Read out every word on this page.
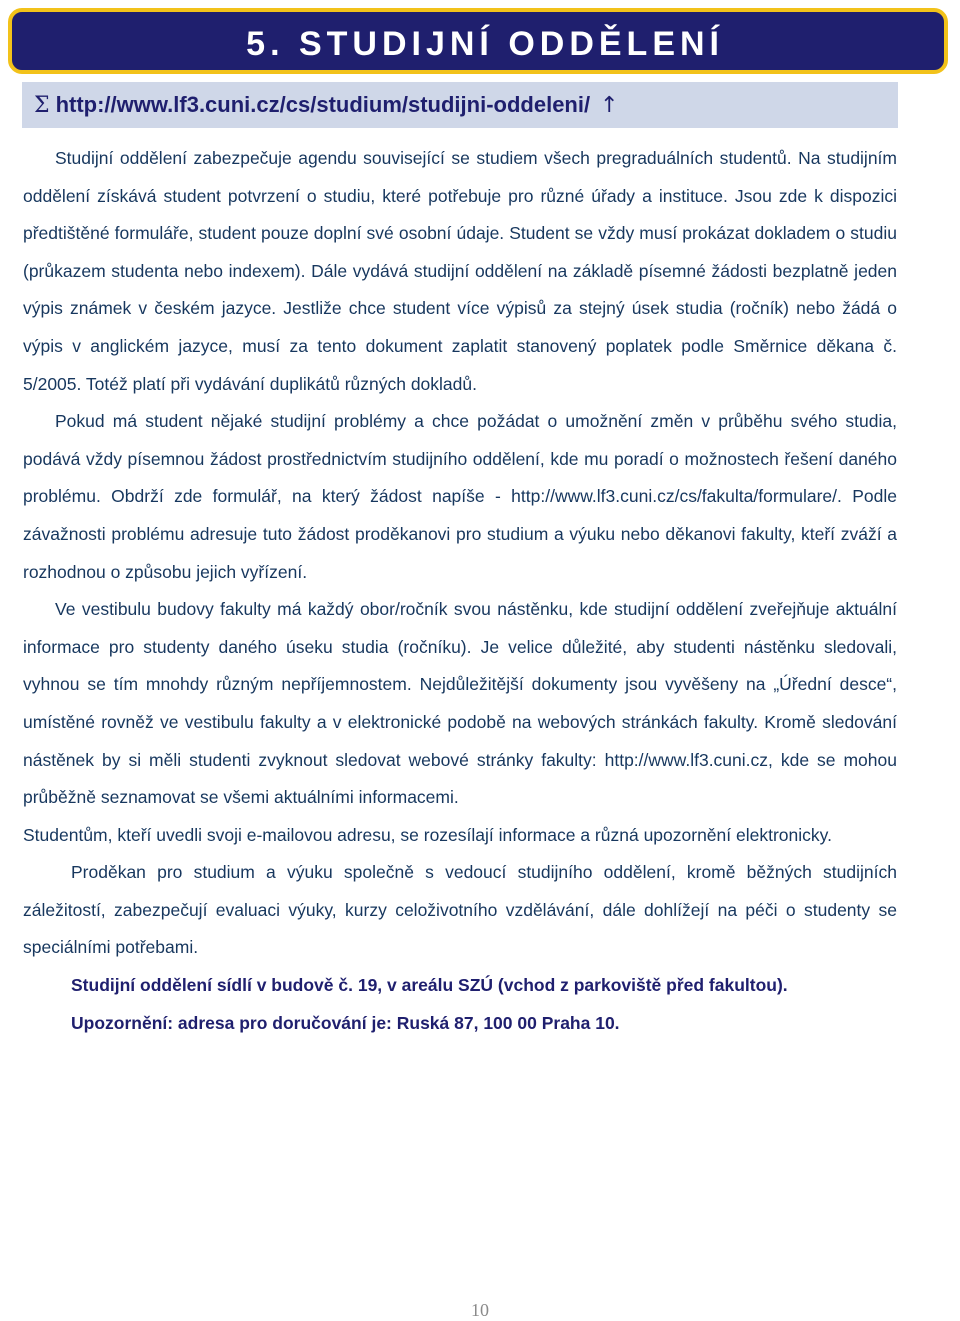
5. STUDIJNÍ ODDĚLENÍ
Σ http://www.lf3.cuni.cz/cs/studium/studijni-oddeleni/ ↑

Studijní oddělení zabezpečuje agendu související se studiem všech pregraduálních studentů. Na studijním oddělení získává student potvrzení o studiu, které potřebuje pro různé úřady a instituce. Jsou zde k dispozici předtištěné formuláře, student pouze doplní své osobní údaje. Student se vždy musí prokázat dokladem o studiu (průkazem studenta nebo indexem). Dále vydává studijní oddělení na základě písemné žádosti bezplatně jeden výpis známek v českém jazyce. Jestliže chce student více výpisů za stejný úsek studia (ročník) nebo žádá o výpis v anglickém jazyce, musí za tento dokument zaplatit stanovený poplatek podle Směrnice děkana č. 5/2005. Totéž platí při vydávání duplikátů různých dokladů.

Pokud má student nějaké studijní problémy a chce požádat o umožnění změn v průběhu svého studia, podává vždy písemnou žádost prostřednictvím studijního oddělení, kde mu poradí o možnostech řešení daného problému. Obdrží zde formulář, na který žádost napíše - http://www.lf3.cuni.cz/cs/fakulta/formulare/. Podle závažnosti problému adresuje tuto žádost proděkanovi pro studium a výuku nebo děkanovi fakulty, kteří zváží a rozhodnou o způsobu jejich vyřízení.

Ve vestibulu budovy fakulty má každý obor/ročník svou nástěnku, kde studijní oddělení zveřejňuje aktuální informace pro studenty daného úseku studia (ročníku). Je velice důležité, aby studenti nástěnku sledovali, vyhnou se tím mnohdy různým nepříjemnostem. Nejdůležitější dokumenty jsou vyvěšeny na „Úřední desce“, umístěné rovněž ve vestibulu fakulty a v elektronické podobě na webových stránkách fakulty. Kromě sledování nástěnek by si měli studenti zvyknout sledovat webové stránky fakulty: http://www.lf3.cuni.cz, kde se mohou průběžně seznamovat se všemi aktuálními informacemi.

Studentům, kteří uvedli svoji e-mailovou adresu, se rozesílají informace a různá upozornění elektronicky.

Proděkan pro studium a výuku společně s vedoucí studijního oddělení, kromě běžných studijních záležitostí, zabezpečují evaluaci výuky, kurzy celoživotního vzdělávání, dále dohlížejí na péči o studenty se speciálními potřebami.

Studijní oddělení sídlí v budově č. 19, v areálu SZÚ (vchod z parkoviště před fakultou).

Upozornění: adresa pro doručování je: Ruská 87, 100 00 Praha 10.

10
